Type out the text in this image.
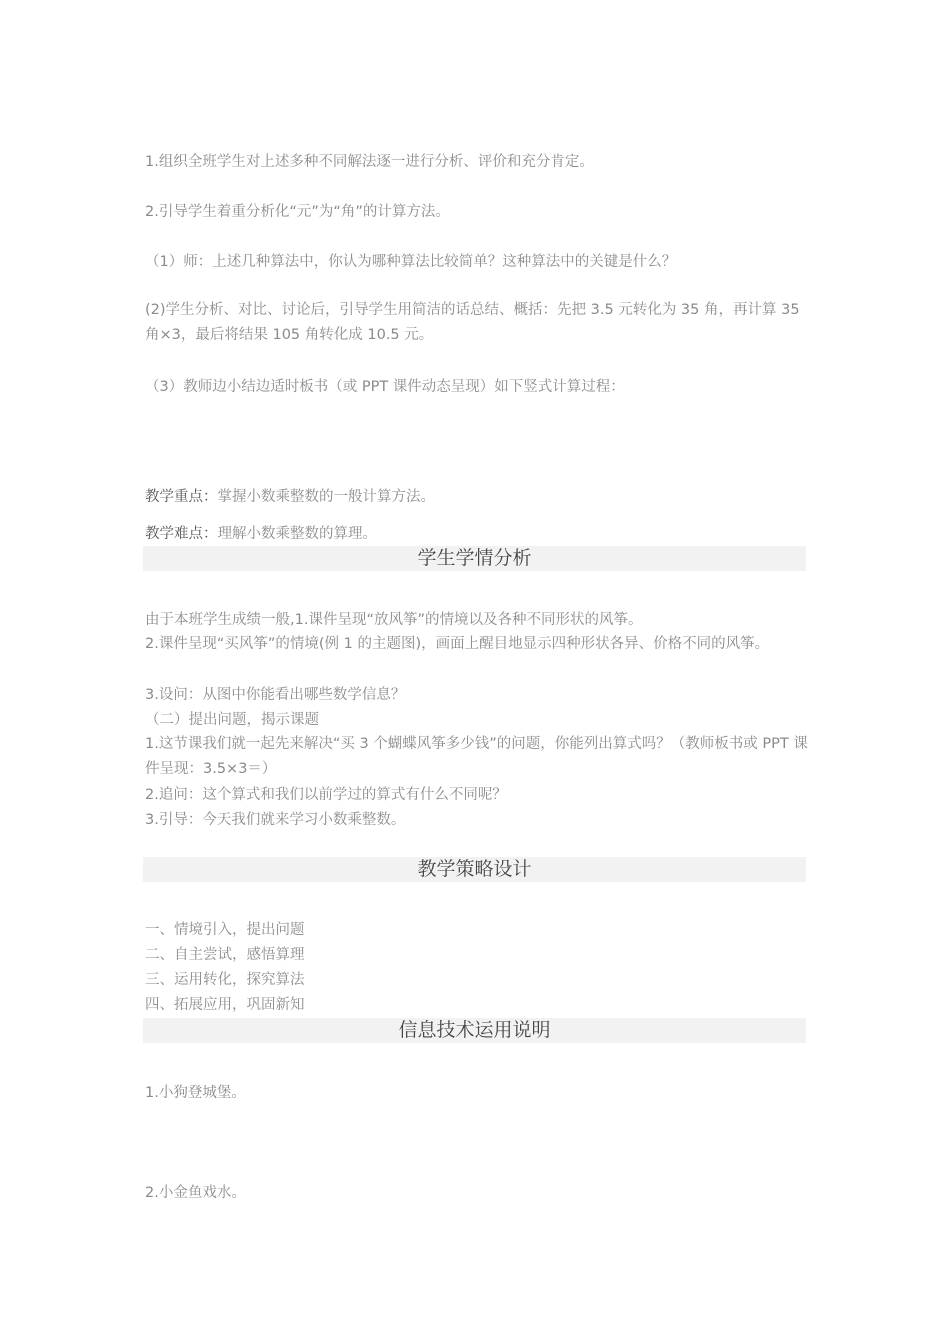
1.组织全班学生对上述多种不同解法逐一进行分析、评价和充分肯定。
2.引导学生着重分析化“元”为“角”的计算方法。
（1）师：上述几种算法中，你认为哪种算法比较简单？这种算法中的关键是什么？
(2)学生分析、对比、讨论后，引导学生用简洁的话总结、概括：先把 3.5 元转化为 35 角，再计算 35 角×3，最后将结果 105 角转化成 10.5 元。
（3）教师边小结边适时板书（或 PPT 课件动态呈现）如下竖式计算过程：
教学重点：掌握小数乘整数的一般计算方法。
教学难点：理解小数乘整数的算理。
学生学情分析
由于本班学生成绩一般,1.课件呈现“放风筝”的情境以及各种不同形状的风筝。
2.课件呈现“买风筝”的情境(例 1 的主题图)，画面上醒目地显示四种形状各异、价格不同的风筝。
3.设问：从图中你能看出哪些数学信息？
（二）提出问题，揭示课题
1.这节课我们就一起先来解决“买 3 个蝴蝶风筝多少钱”的问题，你能列出算式吗？（教师板书或 PPT 课件呈现：3.5×3＝）
2.追问：这个算式和我们以前学过的算式有什么不同呢？
3.引导：今天我们就来学习小数乘整数。
教学策略设计
一、情境引入，提出问题
二、自主尝试，感悟算理
三、运用转化，探究算法
四、拓展应用，巩固新知
信息技术运用说明
1.小狗登城堡。
2.小金鱼戏水。
